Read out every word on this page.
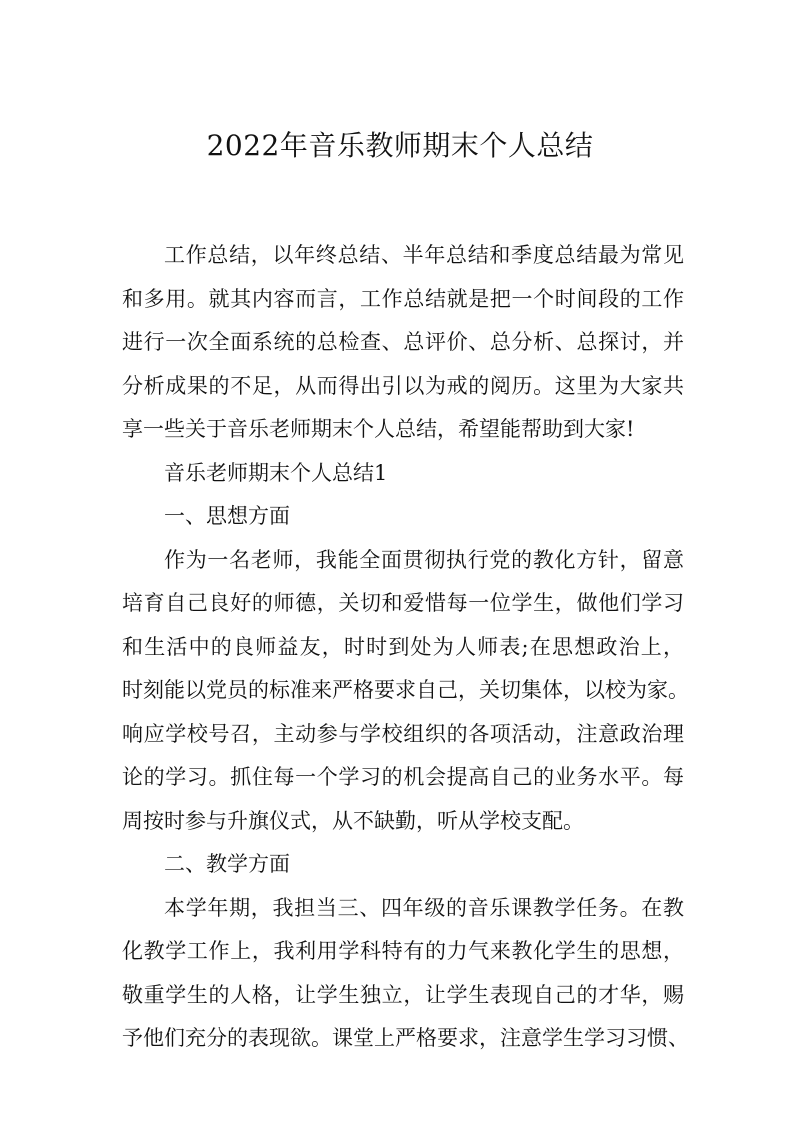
2022年音乐教师期末个人总结
工作总结，以年终总结、半年总结和季度总结最为常见
和多用。就其内容而言，工作总结就是把一个时间段的工作
进行一次全面系统的总检查、总评价、总分析、总探讨，并
分析成果的不足，从而得出引以为戒的阅历。这里为大家共
享一些关于音乐老师期末个人总结，希望能帮助到大家!
音乐老师期末个人总结1
一、思想方面
作为一名老师，我能全面贯彻执行党的教化方针，留意
培育自己良好的师德，关切和爱惜每一位学生，做他们学习
和生活中的良师益友，时时到处为人师表;在思想政治上，
时刻能以党员的标准来严格要求自己，关切集体，以校为家。
响应学校号召，主动参与学校组织的各项活动，注意政治理
论的学习。抓住每一个学习的机会提高自己的业务水平。每
周按时参与升旗仪式，从不缺勤，听从学校支配。
二、教学方面
本学年期，我担当三、四年级的音乐课教学任务。在教
化教学工作上，我利用学科特有的力气来教化学生的思想，
敬重学生的人格，让学生独立，让学生表现自己的才华，赐
予他们充分的表现欲。课堂上严格要求，注意学生学习习惯、
